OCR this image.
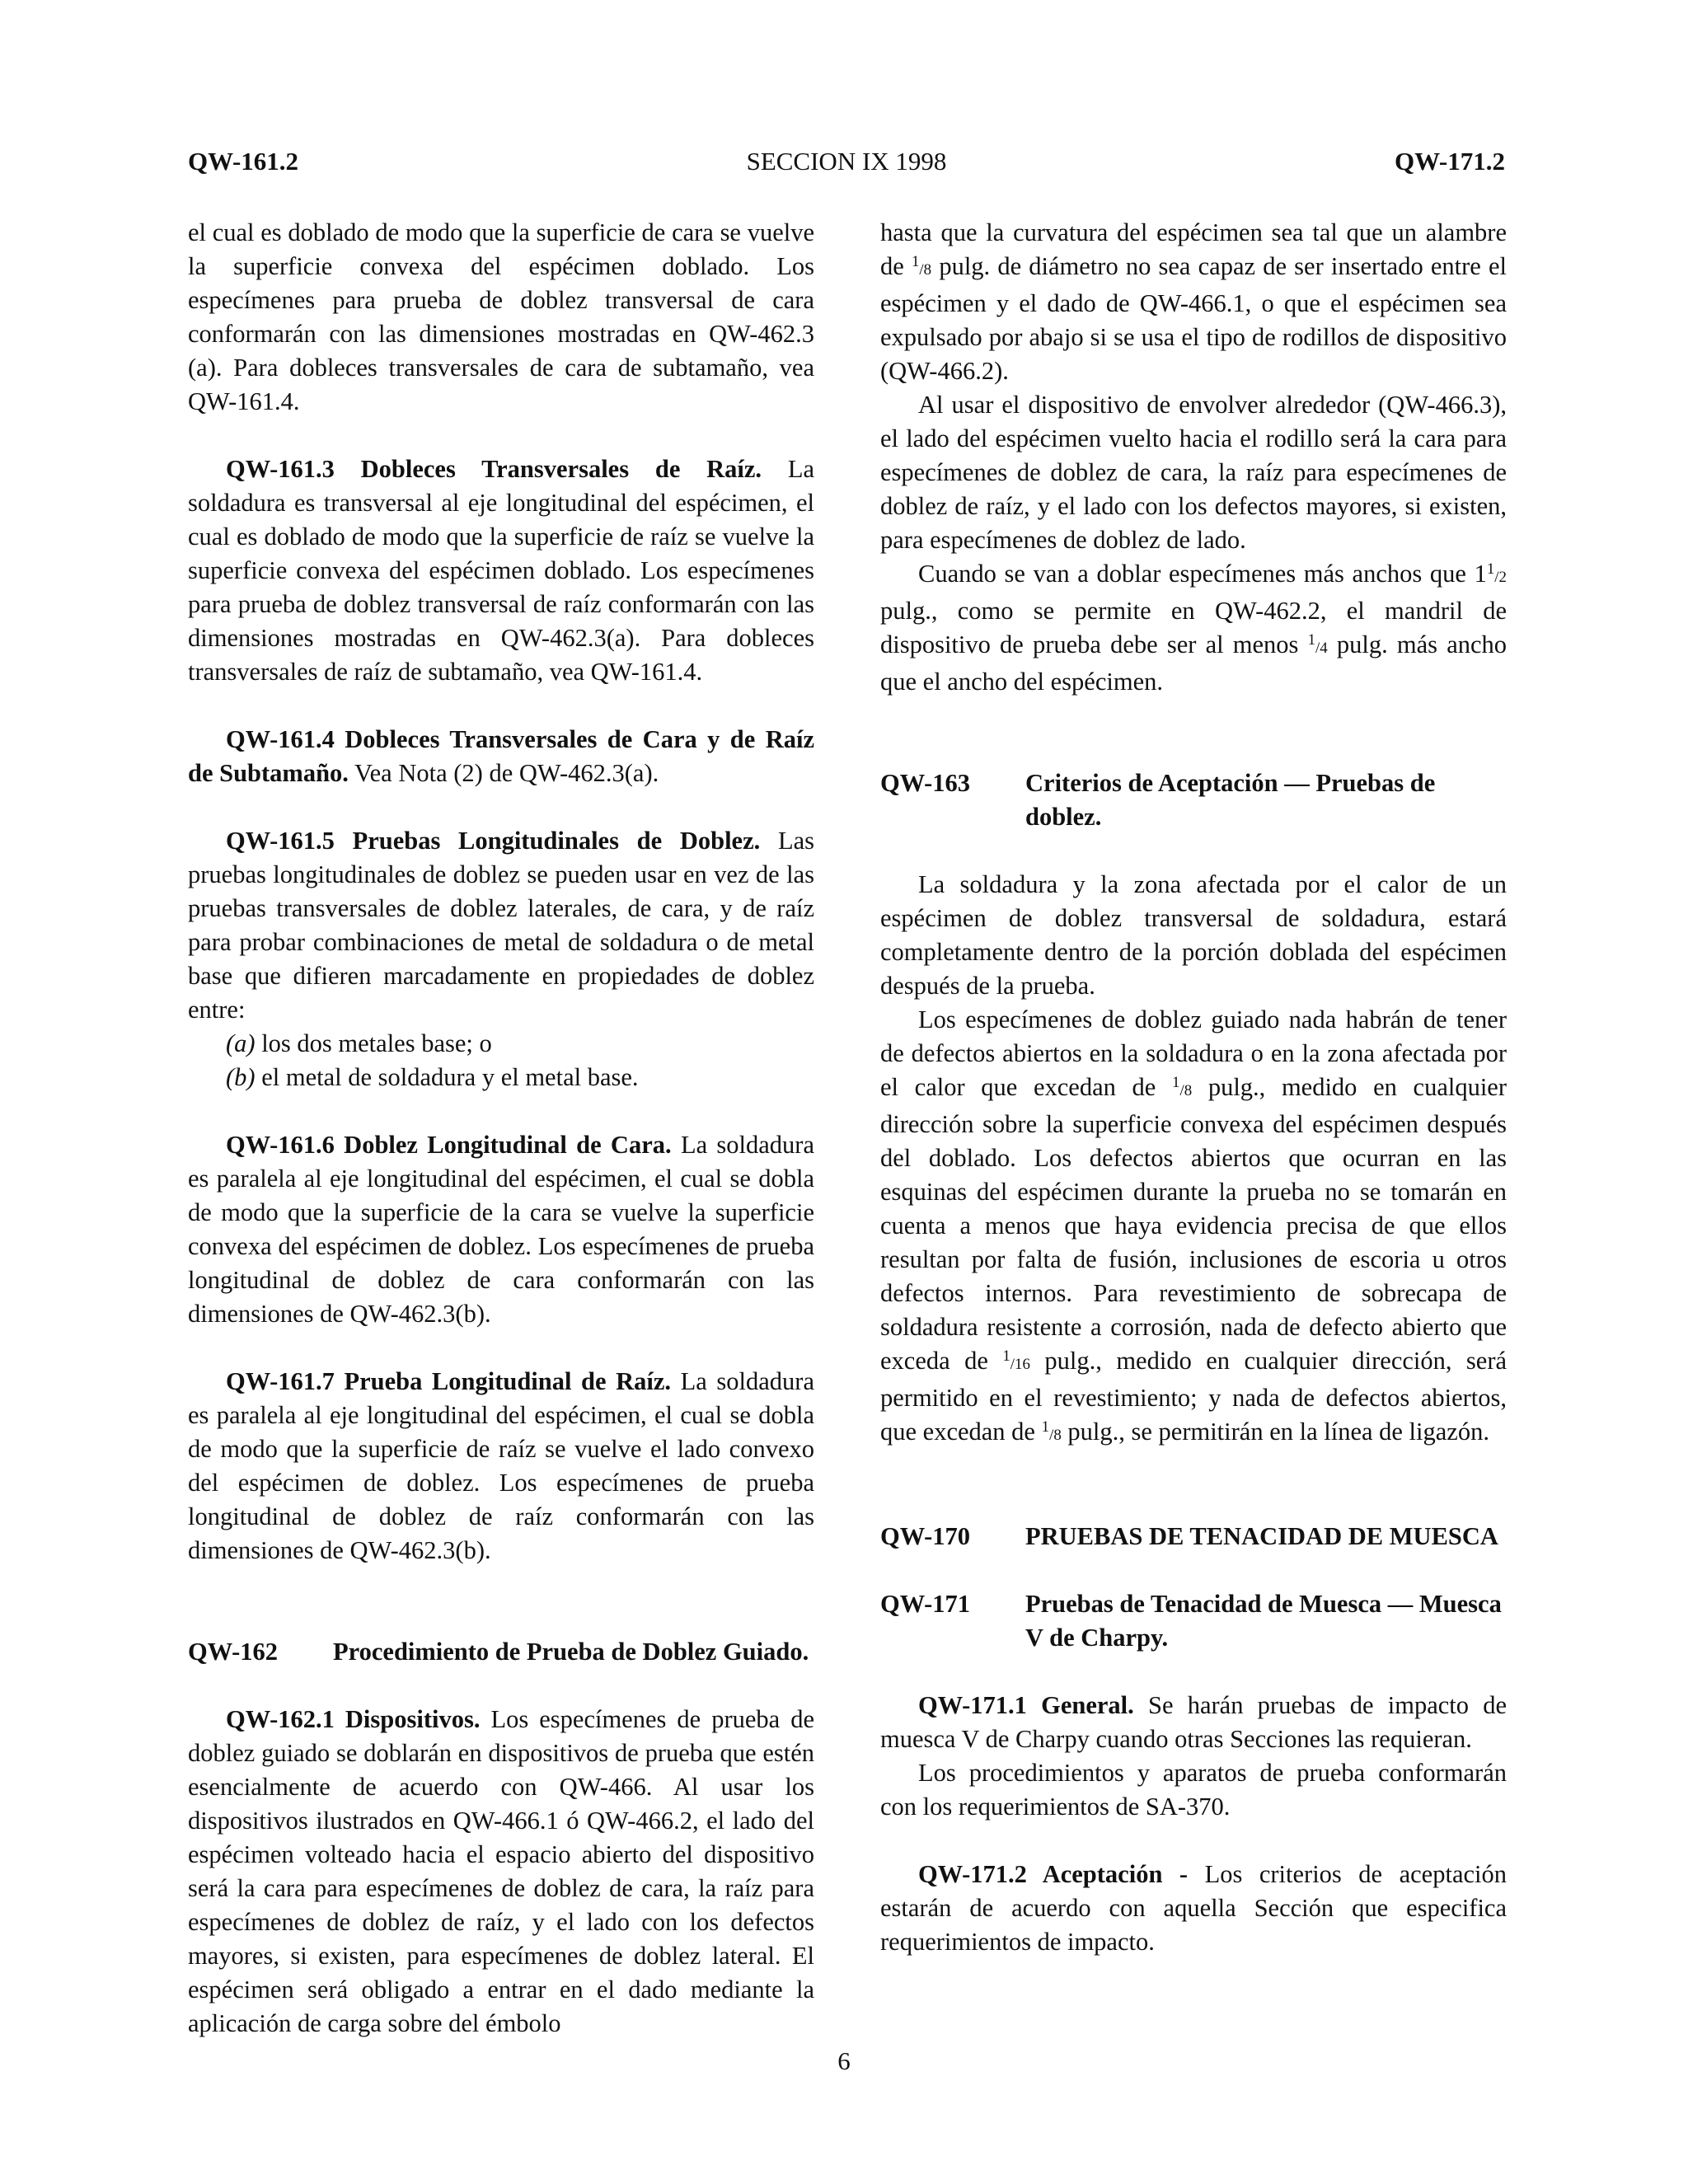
QW-161.2	SECCION IX 1998	QW-171.2

el cual es doblado de modo que la superficie de cara se vuelve la superficie convexa del espécimen doblado. Los especímenes para prueba de doblez transversal de cara conformarán con las dimensiones mostradas en QW-462.3 (a). Para dobleces transversales de cara de subtamaño, vea QW-161.4.

QW-161.3 Dobleces Transversales de Raíz. La soldadura es transversal al eje longitudinal del espécimen, el cual es doblado de modo que la superficie de raíz se vuelve la superficie convexa del espécimen doblado. Los especímenes para prueba de doblez transversal de raíz conformarán con las dimensiones mostradas en QW-462.3(a). Para dobleces transversales de raíz de subtamaño, vea QW-161.4.

QW-161.4 Dobleces Transversales de Cara y de Raíz de Subtamaño. Vea Nota (2) de QW-462.3(a).

QW-161.5 Pruebas Longitudinales de Doblez. Las pruebas longitudinales de doblez se pueden usar en vez de las pruebas transversales de doblez laterales, de cara, y de raíz para probar combinaciones de metal de soldadura o de metal base que difieren marcadamente en propiedades de doblez entre:

(a) los dos metales base; o

(b) el metal de soldadura y el metal base.

QW-161.6 Doblez Longitudinal de Cara. La soldadura es paralela al eje longitudinal del espécimen, el cual se dobla de modo que la superficie de la cara se vuelve la superficie convexa del espécimen de doblez. Los especímenes de prueba longitudinal de doblez de cara conformarán con las dimensiones de QW-462.3(b).

QW-161.7 Prueba Longitudinal de Raíz. La soldadura es paralela al eje longitudinal del espécimen, el cual se dobla de modo que la superficie de raíz se vuelve el lado convexo del espécimen de doblez. Los especímenes de prueba longitudinal de doblez de raíz conformarán con las dimensiones de QW-462.3(b).

QW-162	Procedimiento de Prueba de Doblez Guiado.

QW-162.1 Dispositivos. Los especímenes de prueba de doblez guiado se doblarán en dispositivos de prueba que estén esencialmente de acuerdo con QW-466. Al usar los dispositivos ilustrados en QW-466.1 ó QW-466.2, el lado del espécimen volteado hacia el espacio abierto del dispositivo será la cara para especímenes de doblez de cara, la raíz para especímenes de doblez de raíz, y el lado con los defectos mayores, si existen, para especímenes de doblez lateral. El espécimen será obligado a entrar en el dado mediante la aplicación de carga sobre del émbolo

hasta que la curvatura del espécimen sea tal que un alambre de $^1$/8 pulg. de diámetro no sea capaz de ser insertado entre el espécimen y el dado de QW-466.1, o que el espécimen sea expulsado por abajo si se usa el tipo de rodillos de dispositivo (QW-466.2).

Al usar el dispositivo de envolver alrededor (QW-466.3), el lado del espécimen vuelto hacia el rodillo será la cara para especímenes de doblez de cara, la raíz para especímenes de doblez de raíz, y el lado con los defectos mayores, si existen, para especímenes de doblez de lado.

Cuando se van a doblar especímenes más anchos que $1^1/2$ pulg., como se permite en QW-462.2, el mandril de dispositivo de prueba debe ser al menos $^1$/4 pulg. más ancho que el ancho del espécimen.

QW-163	Criterios de Aceptación — Pruebas de doblez.

La soldadura y la zona afectada por el calor de un espécimen de doblez transversal de soldadura, estará completamente dentro de la porción doblada del espécimen después de la prueba.

Los especímenes de doblez guiado nada habrán de tener de defectos abiertos en la soldadura o en la zona afectada por el calor que excedan de $^1$/8 pulg., medido en cualquier dirección sobre la superficie convexa del espécimen después del doblado. Los defectos abiertos que ocurran en las esquinas del espécimen durante la prueba no se tomarán en cuenta a menos que haya evidencia precisa de que ellos resultan por falta de fusión, inclusiones de escoria u otros defectos internos. Para revestimiento de sobrecapa de soldadura resistente a corrosión, nada de defecto abierto que exceda de $^1$/16 pulg., medido en cualquier dirección, será permitido en el revestimiento; y nada de defectos abiertos, que excedan de $^1$/8 pulg., se permitirán en la línea de ligazón.

QW-170	PRUEBAS DE TENACIDAD DE MUESCA
QW-171	Pruebas de Tenacidad de Muesca — Muesca V de Charpy.

QW-171.1 General. Se harán pruebas de impacto de muesca V de Charpy cuando otras Secciones las requieran.

Los procedimientos y aparatos de prueba conformarán con los requerimientos de SA-370.

QW-171.2 Aceptación - Los criterios de aceptación estarán de acuerdo con aquella Sección que especifica requerimientos de impacto.

6
